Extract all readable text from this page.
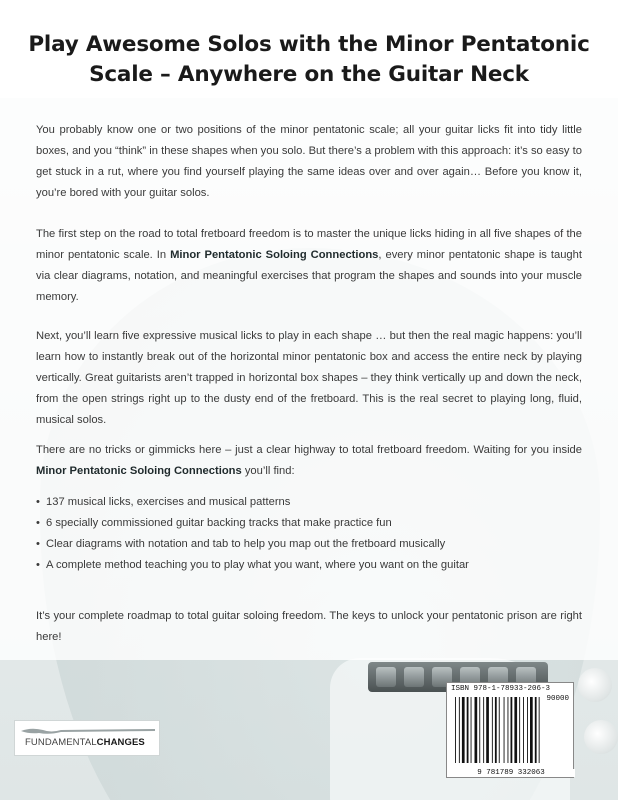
Play Awesome Solos with the Minor Pentatonic
Scale – Anywhere on the Guitar Neck

You probably know one or two positions of the minor pentatonic scale; all your guitar licks fit into tidy little boxes, and you “think” in these shapes when you solo. But there’s a problem with this approach: it’s so easy to get stuck in a rut, where you find yourself playing the same ideas over and over again… Before you know it, you’re bored with your guitar solos.

The first step on the road to total fretboard freedom is to master the unique licks hiding in all five shapes of the minor pentatonic scale. In Minor Pentatonic Soloing Connections, every minor pentatonic shape is taught via clear diagrams, notation, and meaningful exercises that program the shapes and sounds into your muscle memory.

Next, you’ll learn five expressive musical licks to play in each shape … but then the real magic happens: you’ll learn how to instantly break out of the horizontal minor pentatonic box and access the entire neck by playing vertically. Great guitarists aren’t trapped in horizontal box shapes – they think vertically up and down the neck, from the open strings right up to the dusty end of the fretboard. This is the real secret to playing long, fluid, musical solos.

There are no tricks or gimmicks here – just a clear highway to total fretboard freedom. Waiting for you inside Minor Pentatonic Soloing Connections you’ll find:

• 137 musical licks, exercises and musical patterns
• 6 specially commissioned guitar backing tracks that make practice fun
• Clear diagrams with notation and tab to help you map out the fretboard musically
• A complete method teaching you to play what you want, where you want on the guitar

It’s your complete roadmap to total guitar soloing freedom. The keys to unlock your pentatonic prison are right here!

FUNDAMENTALCHANGES
ISBN 978-1-78933-206-3
90000
9 781789 332063
